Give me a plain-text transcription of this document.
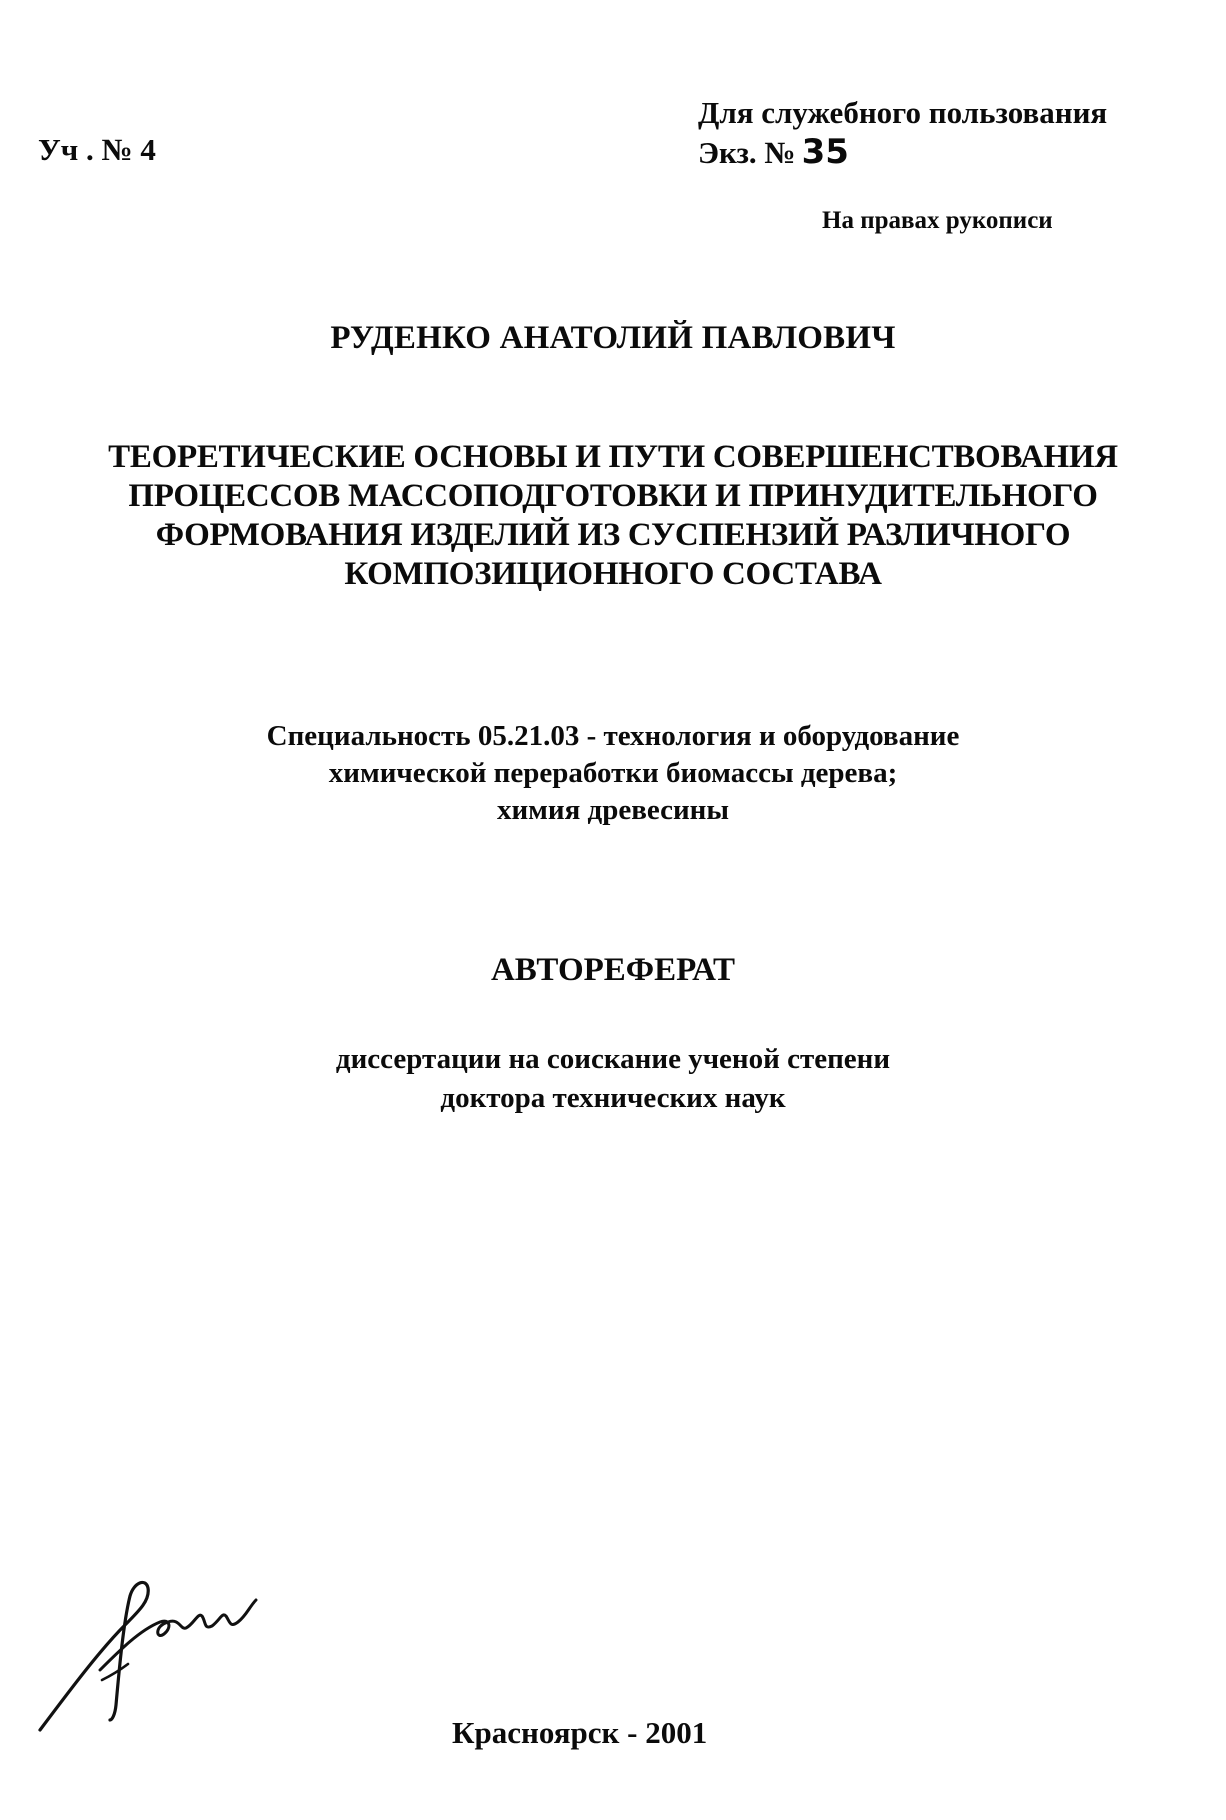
Уч . № 4
Для служебного пользования
Экз. № 35
На правах рукописи
РУДЕНКО АНАТОЛИЙ ПАВЛОВИЧ
ТЕОРЕТИЧЕСКИЕ ОСНОВЫ И ПУТИ СОВЕРШЕНСТВОВАНИЯ
ПРОЦЕССОВ МАССОПОДГОТОВКИ И ПРИНУДИТЕЛЬНОГО
ФОРМОВАНИЯ ИЗДЕЛИЙ ИЗ СУСПЕНЗИЙ РАЗЛИЧНОГО
КОМПОЗИЦИОННОГО СОСТАВА
Специальность 05.21.03 - технология и оборудование
химической переработки биомассы дерева;
химия древесины
АВТОРЕФЕРАТ
диссертации на соискание ученой степени
доктора технических наук
Красноярск - 2001
